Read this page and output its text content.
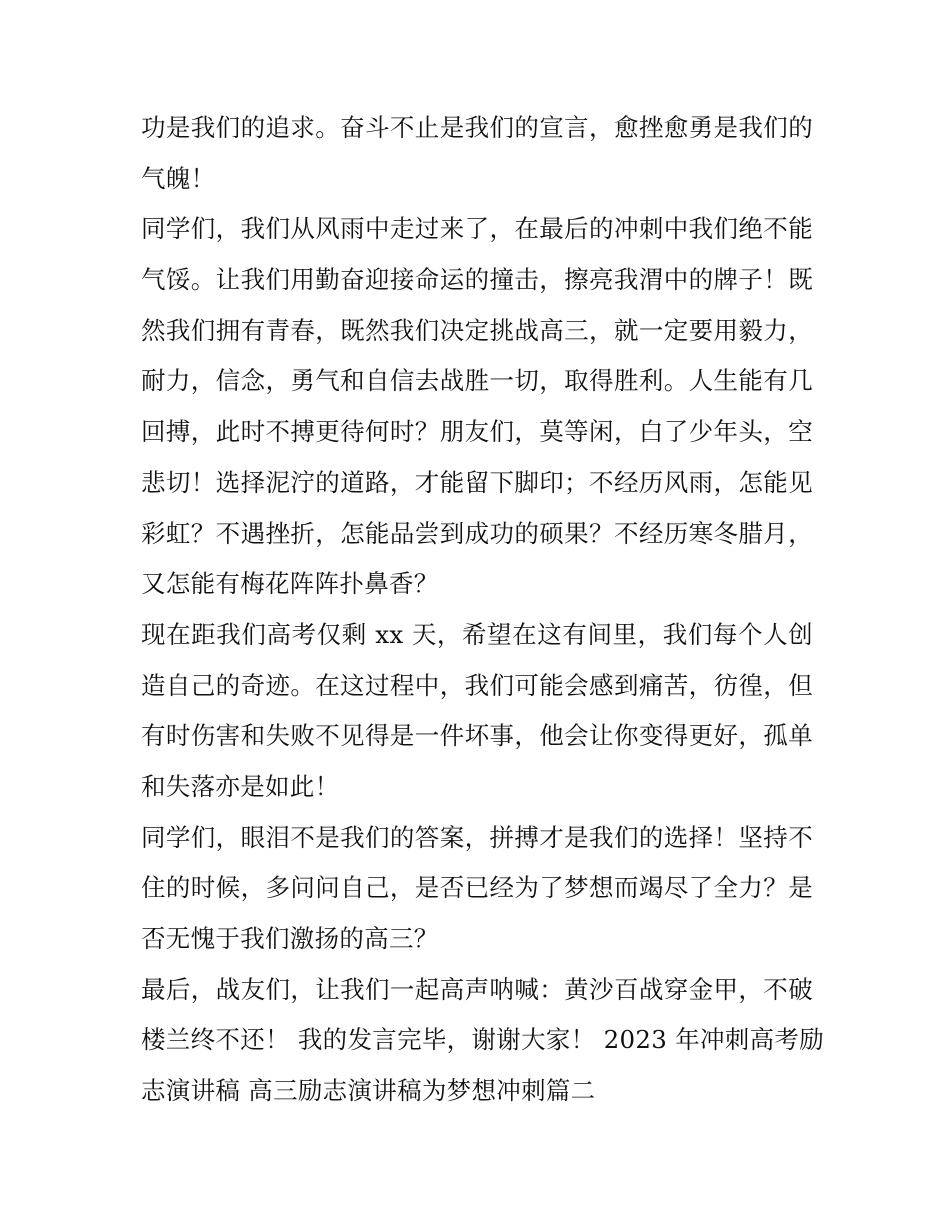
功是我们的追求。奋斗不止是我们的宣言，愈挫愈勇是我们的
气魄！
同学们，我们从风雨中走过来了，在最后的冲刺中我们绝不能
气馁。让我们用勤奋迎接命运的撞击，擦亮我渭中的牌子！既
然我们拥有青春，既然我们决定挑战高三，就一定要用毅力，
耐力，信念，勇气和自信去战胜一切，取得胜利。人生能有几
回搏，此时不搏更待何时？朋友们，莫等闲，白了少年头，空
悲切！选择泥泞的道路，才能留下脚印；不经历风雨，怎能见
彩虹？不遇挫折，怎能品尝到成功的硕果？不经历寒冬腊月，
又怎能有梅花阵阵扑鼻香？
现在距我们高考仅剩 xx 天，希望在这有间里，我们每个人创
造自己的奇迹。在这过程中，我们可能会感到痛苦，彷徨，但
有时伤害和失败不见得是一件坏事，他会让你变得更好，孤单
和失落亦是如此！
同学们，眼泪不是我们的答案，拼搏才是我们的选择！坚持不
住的时候，多问问自己，是否已经为了梦想而竭尽了全力？是
否无愧于我们激扬的高三？
最后，战友们，让我们一起高声呐喊：黄沙百战穿金甲，不破
楼兰终不还！ 我的发言完毕，谢谢大家！ 2023 年冲刺高考励
志演讲稿 高三励志演讲稿为梦想冲刺篇二
